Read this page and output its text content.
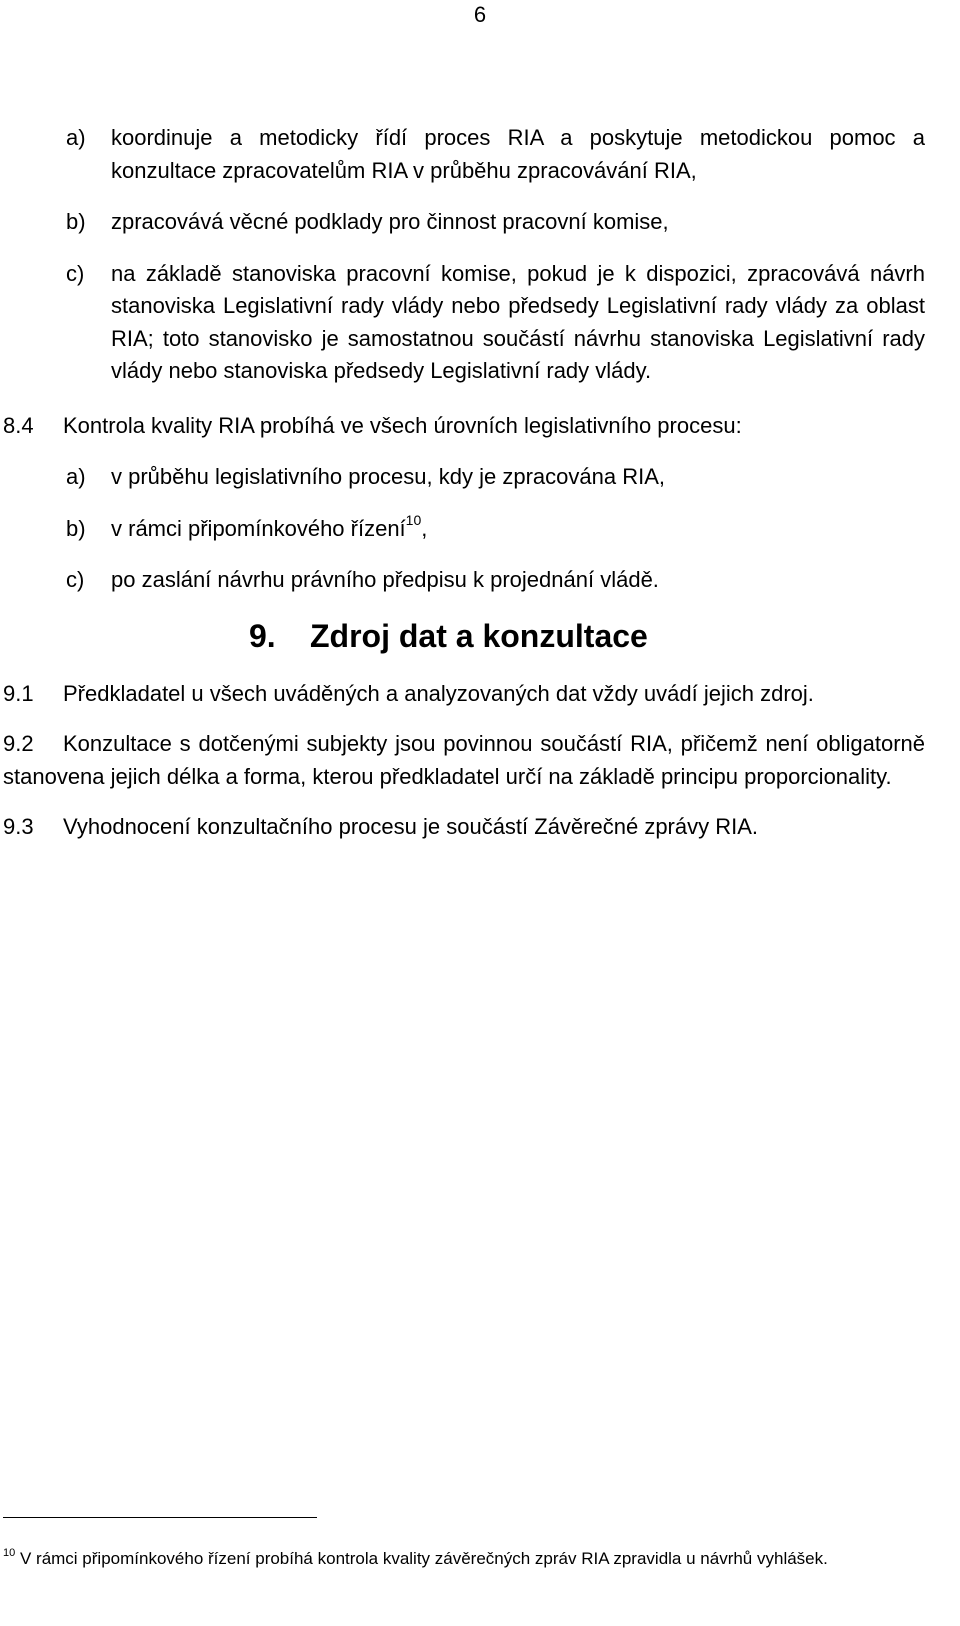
6
a)	koordinuje a metodicky řídí proces RIA a poskytuje metodickou pomoc a konzultace zpracovatelům RIA v průběhu zpracovávání RIA,
b)	zpracovává věcné podklady pro činnost pracovní komise,
c)	na základě stanoviska pracovní komise, pokud je k dispozici, zpracovává návrh stanoviska Legislativní rady vlády nebo předsedy Legislativní rady vlády za oblast RIA; toto stanovisko je samostatnou součástí návrhu stanoviska Legislativní rady vlády nebo stanoviska předsedy Legislativní rady vlády.
8.4	Kontrola kvality RIA probíhá ve všech úrovních legislativního procesu:
a)	v průběhu legislativního procesu, kdy je zpracována RIA,
b)	v rámci připomínkového řízení$^{10}$,
c)	po zaslání návrhu právního předpisu k projednání vládě.
9. Zdroj dat a konzultace
9.1 Předkladatel u všech uváděných a analyzovaných dat vždy uvádí jejich zdroj.
9.2 Konzultace s dotčenými subjekty jsou povinnou součástí RIA, přičemž není obligatorně stanovena jejich délka a forma, kterou předkladatel určí na základě principu proporcionality.
9.3 Vyhodnocení konzultačního procesu je součástí Závěrečné zprávy RIA.
$^{10}$ V rámci připomínkového řízení probíhá kontrola kvality závěrečných zpráv RIA zpravidla u návrhů vyhlášek.
